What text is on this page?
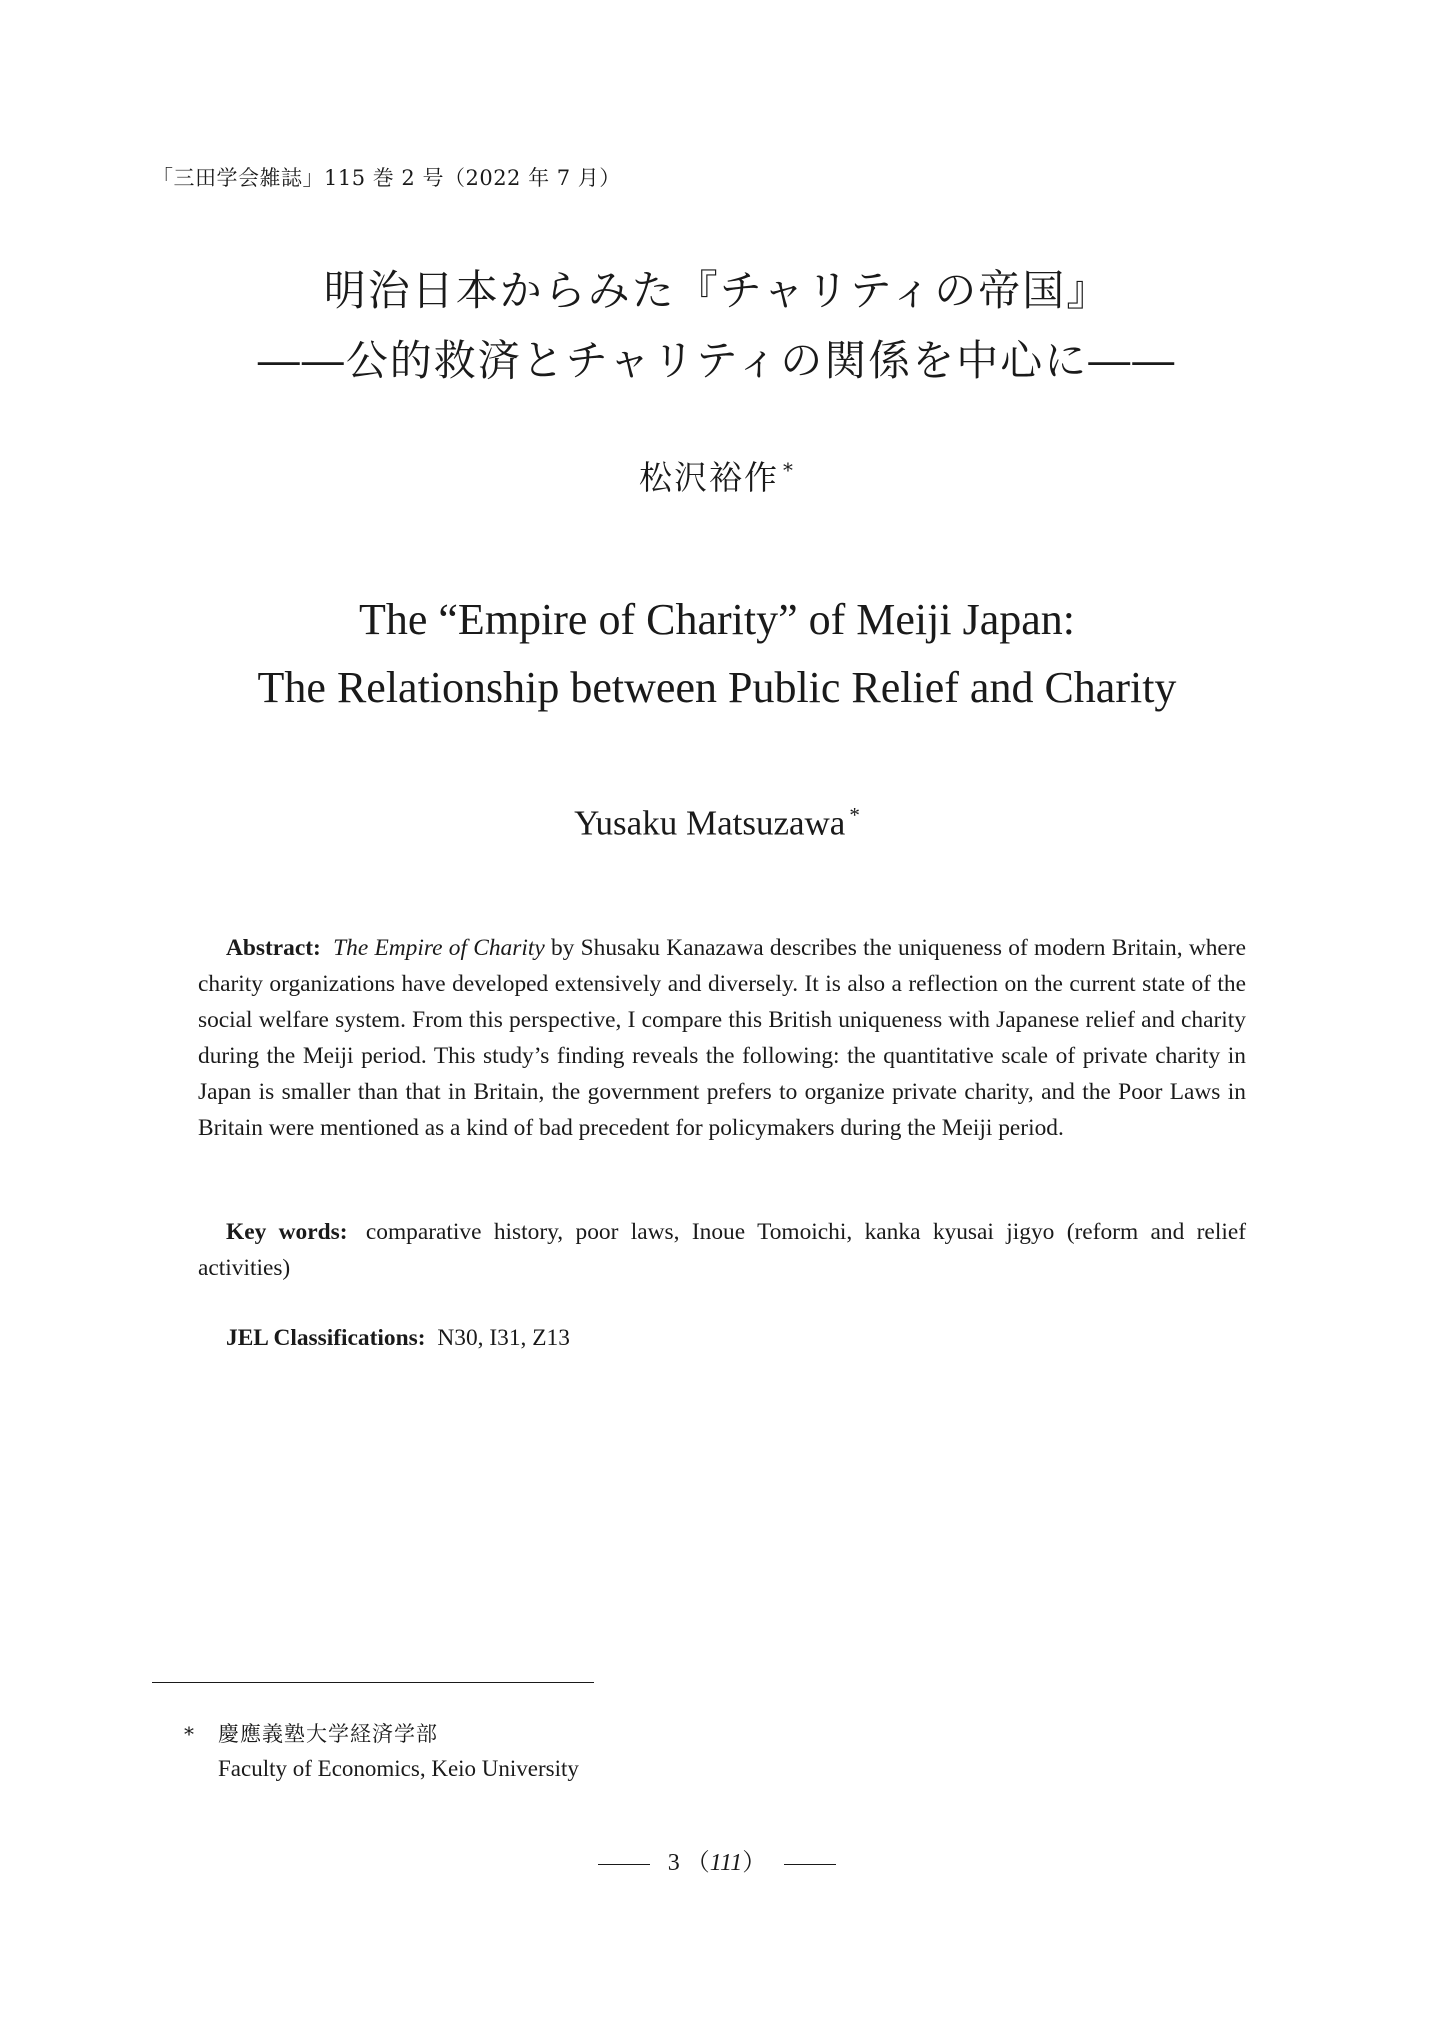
「三田学会雑誌」115 巻 2 号（2022 年 7 月）
明治日本からみた『チャリティの帝国』
――公的救済とチャリティの関係を中心に――
松沢裕作 *
The “Empire of Charity” of Meiji Japan:
The Relationship between Public Relief and Charity
Yusaku Matsuzawa *
Abstract: The Empire of Charity by Shusaku Kanazawa describes the uniqueness of modern Britain, where charity organizations have developed extensively and diversely. It is also a reflection on the current state of the social welfare system. From this perspective, I compare this British uniqueness with Japanese relief and charity during the Meiji period. This study’s finding reveals the following: the quantitative scale of private charity in Japan is smaller than that in Britain, the government prefers to organize private charity, and the Poor Laws in Britain were mentioned as a kind of bad precedent for policymakers during the Meiji period.
Key words: comparative history, poor laws, Inoue Tomoichi, kanka kyusai jigyo (reform and relief activities)
JEL Classifications: N30, I31, Z13
* 慶應義塾大学経済学部
Faculty of Economics, Keio University
3 （111）
